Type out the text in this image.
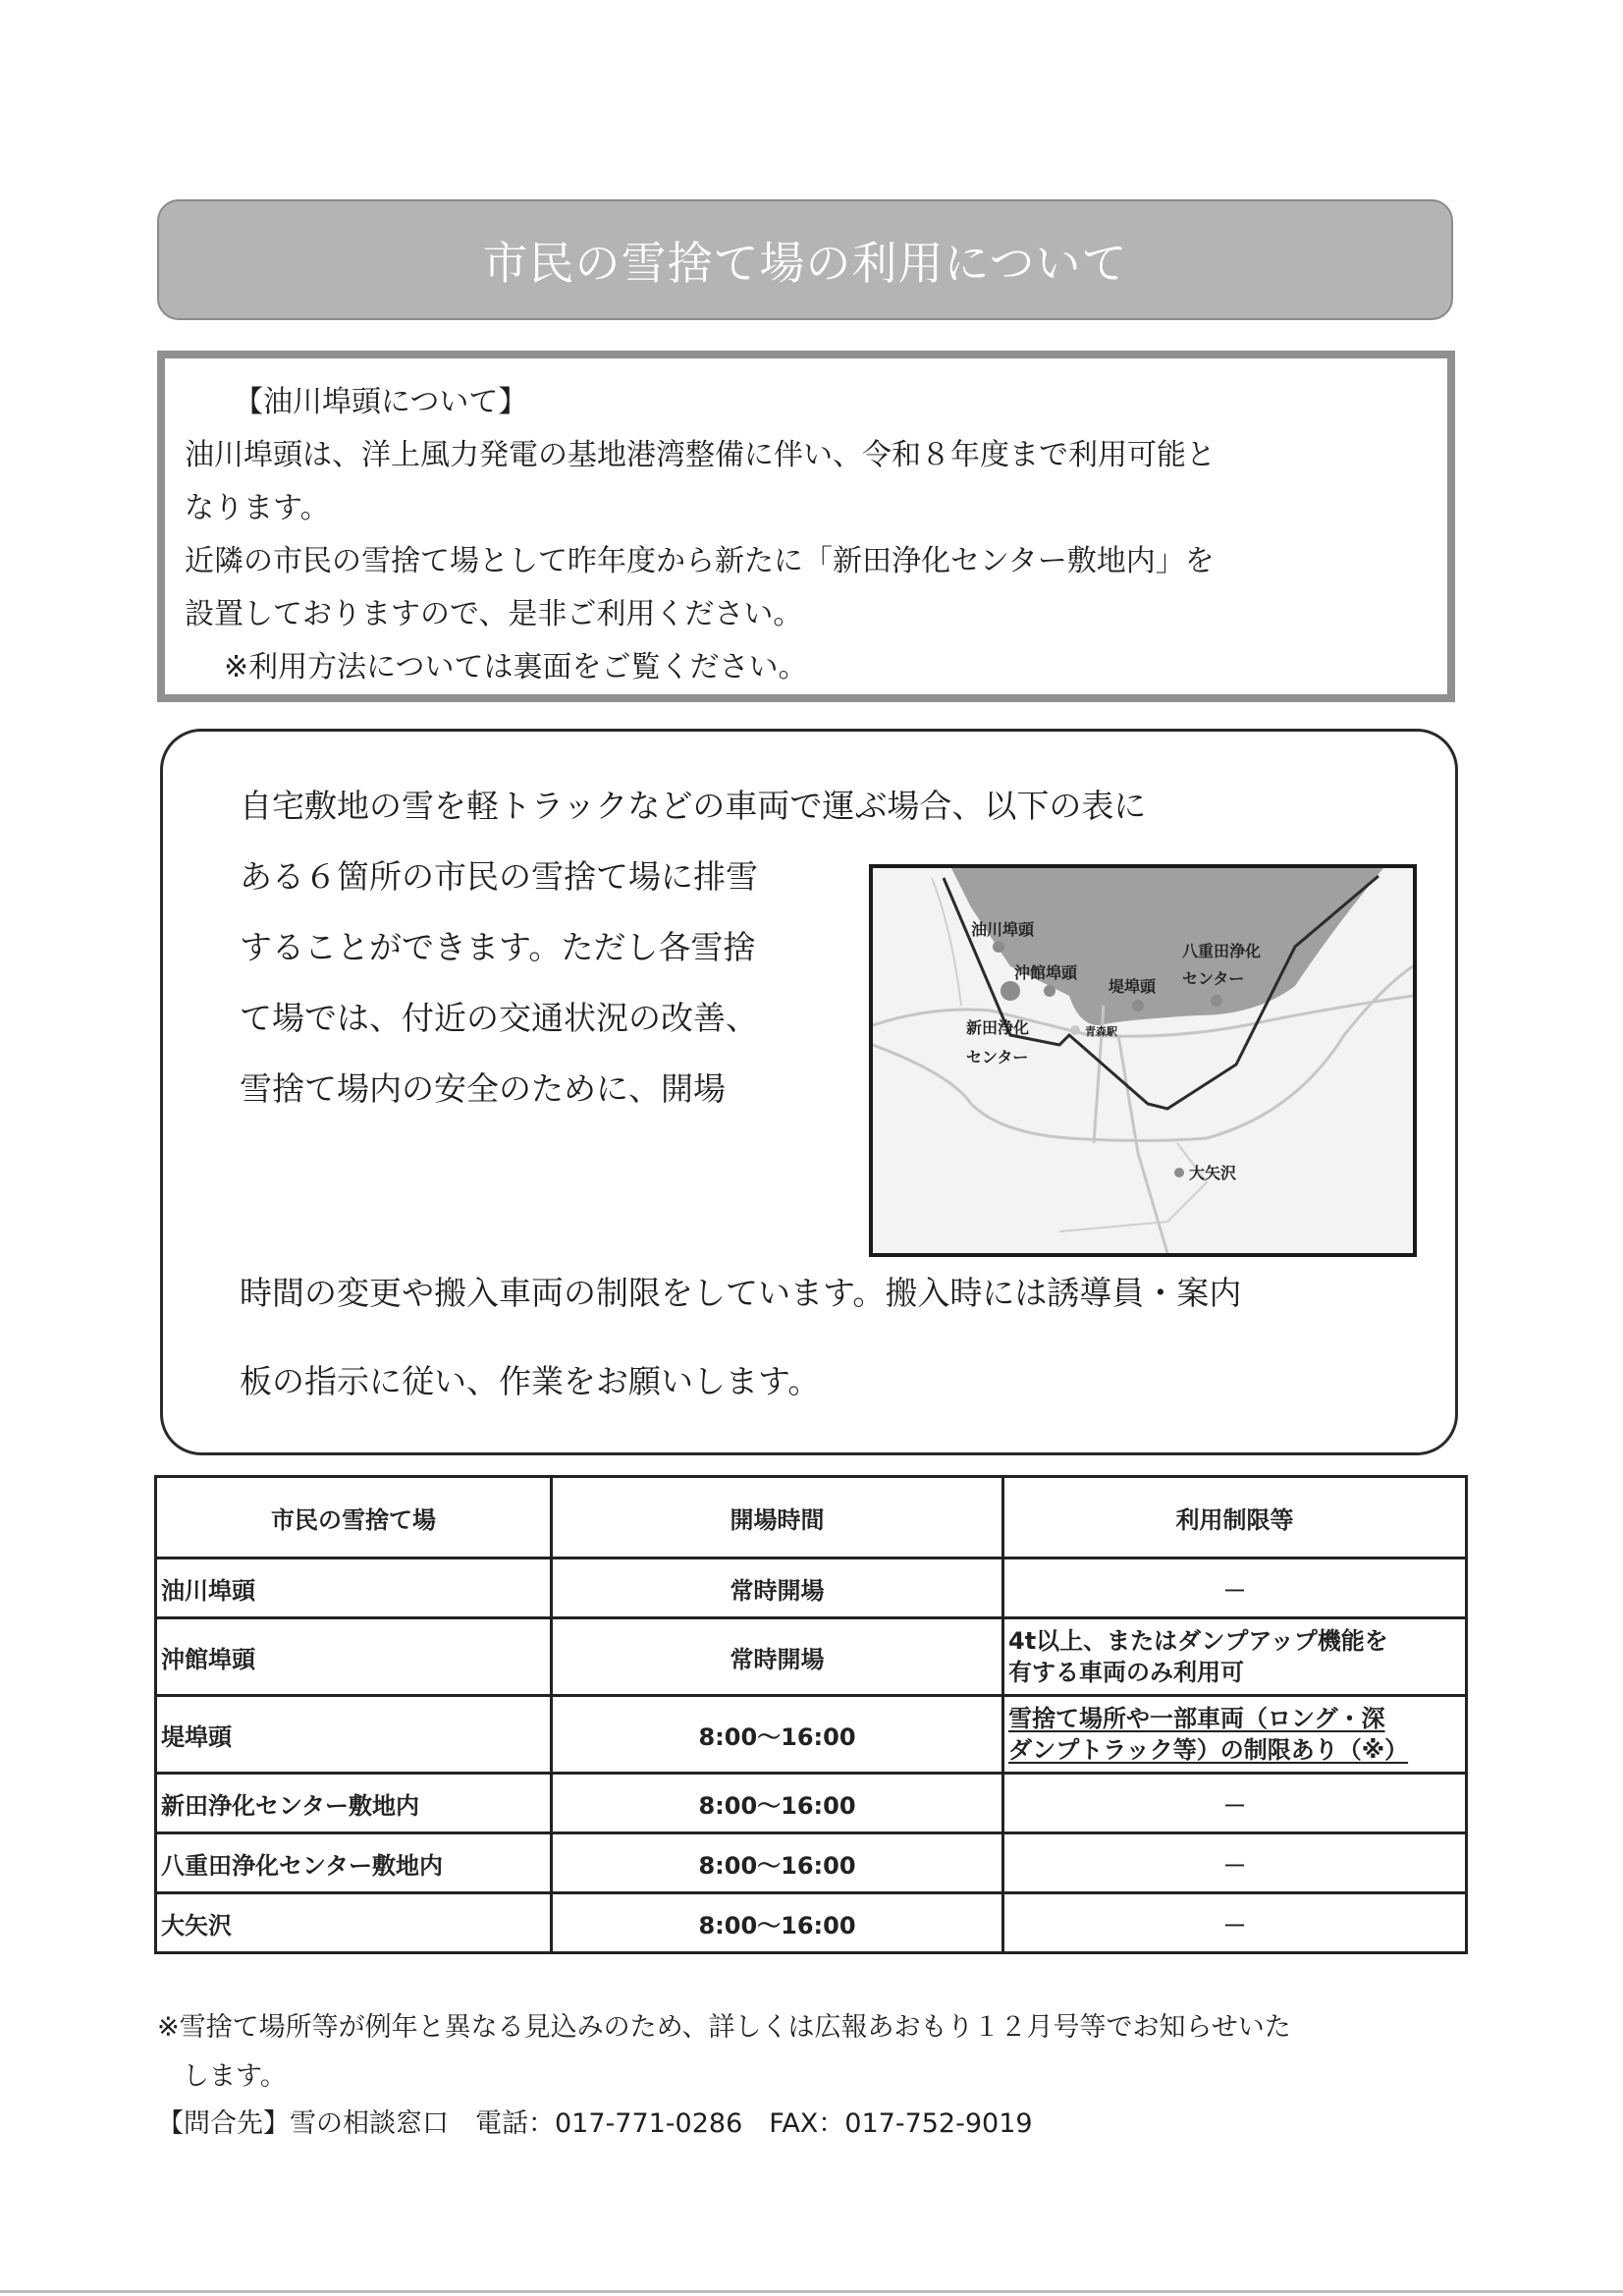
市民の雪捨て場の利用について

【油川埠頭について】

油川埠頭は、洋上風力発電の基地港湾整備に伴い、令和８年度まで利用可能と

なります。

近隣の市民の雪捨て場として昨年度から新たに「新田浄化センター敷地内」を

設置しておりますので、是非ご利用ください。

※利用方法については裏面をご覧ください。

自宅敷地の雪を軽トラックなどの車両で運ぶ場合、以下の表に
ある６箇所の市民の雪捨て場に排雪
することができます。ただし各雪捨
て場では、付近の交通状況の改善、
雪捨て場内の安全のために、開場
時間の変更や搬入車両の制限をしています。搬入時には誘導員・案内
板の指示に従い、作業をお願いします。
油川埠頭
沖館埠頭
堤埠頭
八重田浄化
センター
新田浄化
センター
青森駅
大矢沢
市民の雪捨て場	開場時間	利用制限等
油川埠頭	常時開場	－
沖館埠頭	常時開場	4t以上、またはダンプアップ機能を
有する車両のみ利用可

堤埠頭	8:00～16:00	雪捨て場所や一部車両（ロング・深
ダンプトラック等）の制限あり（※）

新田浄化センター敷地内	8:00～16:00	－
八重田浄化センター敷地内	8:00～16:00	－
大矢沢	8:00～16:00	－
※雪捨て場所等が例年と異なる見込みのため、詳しくは広報あおもり１２月号等でお知らせいた
します。
【問合先】雪の相談窓口　電話：017-771-0286　FAX：017-752-9019
